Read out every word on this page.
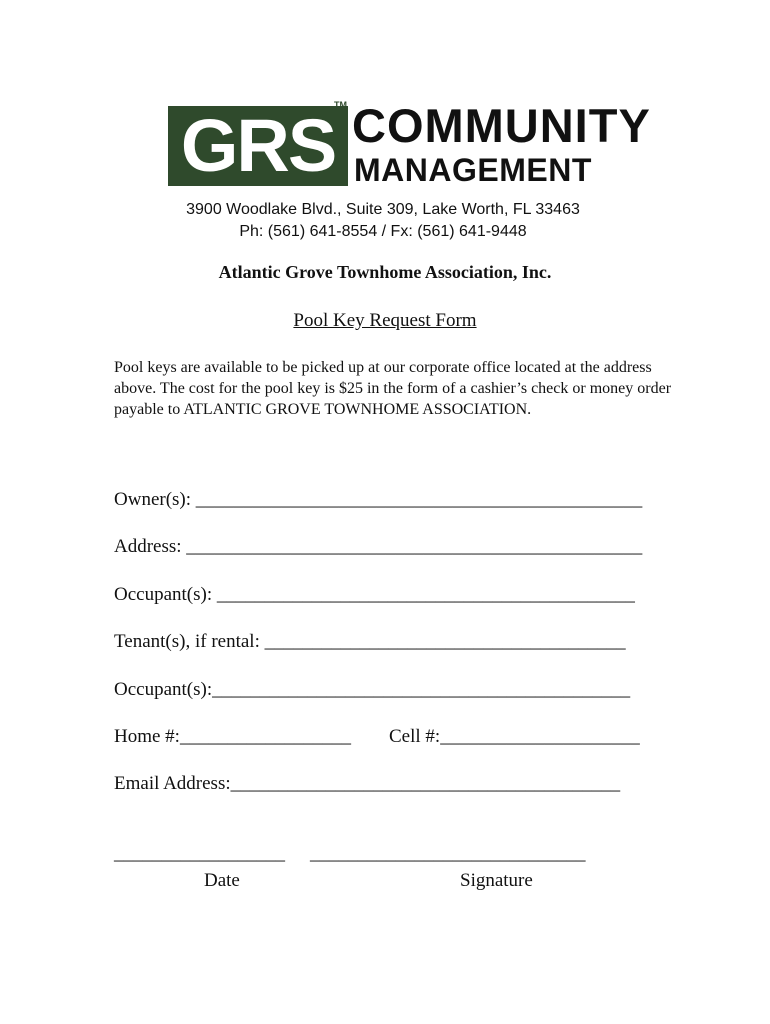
GRS
TM COMMUNITY
MANAGEMENT
3900 Woodlake Blvd., Suite 309, Lake Worth, FL 33463
Ph: (561) 641-8554 / Fx: (561) 641-9448
Atlantic Grove Townhome Association, Inc.
Pool Key Request Form
Pool keys are available to be picked up at our corporate office located at the address above. The cost for the pool key is $25 in the form of a cashier’s check or money order payable to ATLANTIC GROVE TOWNHOME ASSOCIATION.
Owner(s): _______________________________________________
Address: ________________________________________________
Occupant(s): ____________________________________________
Tenant(s), if rental: ______________________________________
Occupant(s):____________________________________________
Home #:__________________ Cell #:_____________________
Email Address:_________________________________________
__________________ _____________________________
Date	Signature
